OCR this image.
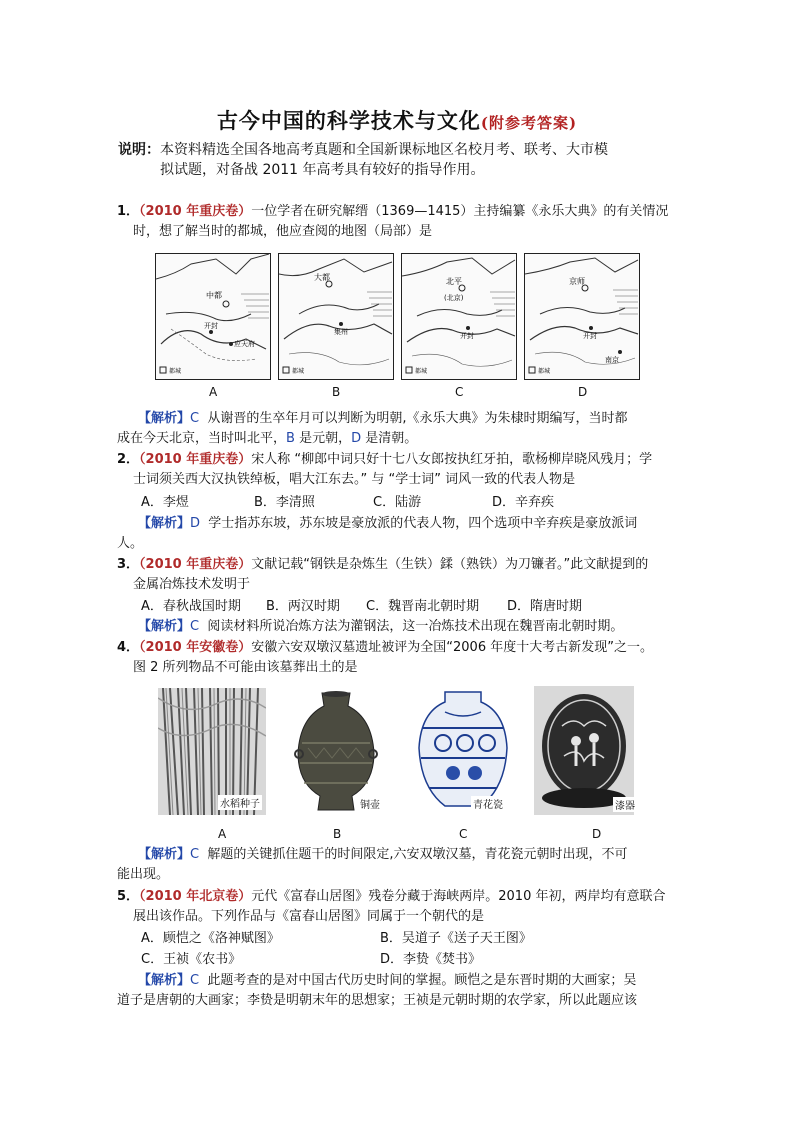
古今中国的科学技术与文化(附参考答案)
说明：本资料精选全国各地高考真题和全国新课标地区名校月考、联考、大市模
拟试题，对备战 2011 年高考具有较好的指导作用。
1．（2010 年重庆卷）一位学者在研究解缙（1369—1415）主持编纂《永乐大典》的有关情况
时，想了解当时的都城，他应查阅的地图（局部）是
中都
开封
应天府
都城
A
大都
集州
都城
B
北平
(北京)
开封
都城
C
京师
开封
南京
都城
D
【解析】C 从谢晋的生卒年月可以判断为明朝,《永乐大典》为朱棣时期编写，当时都
成在今天北京，当时叫北平，B 是元朝，D 是清朝。
2．（2010 年重庆卷）宋人称 “柳郎中词只好十七八女郎按执红牙拍，歌杨柳岸晓风残月；学
士词须关西大汉执铁绰板，唱大江东去。” 与 “学士词” 词风一致的代表人物是
A．李煜	B．李清照	C．陆游	D．辛弃疾
【解析】D 学士指苏东坡，苏东坡是豪放派的代表人物，四个选项中辛弃疾是豪放派词
人。
3．（2010 年重庆卷）文献记载“钢铁是杂炼生（生铁）鍒（熟铁）为刀镰者。”此文献提到的
金属冶炼技术发明于
A．春秋战国时期 B．两汉时期 C．魏晋南北朝时期 D．隋唐时期
【解析】C 阅读材料所说冶炼方法为灌钢法，这一冶炼技术出现在魏晋南北朝时期。
4．（2010 年安徽卷）安徽六安双墩汉墓遗址被评为全国“2006 年度十大考古新发现”之一。
图 2 所列物品不可能由该墓葬出土的是
水稻种子
A
铜壶
B
青花瓷
C
漆器
D
【解析】C 解题的关键抓住题干的时间限定,六安双墩汉墓，青花瓷元朝时出现，不可
能出现。
5．（2010 年北京卷）元代《富春山居图》残卷分藏于海峡两岸。2010 年初，两岸均有意联合
展出该作品。下列作品与《富春山居图》同属于一个朝代的是
A．顾恺之《洛神赋图》	B．吴道子《送子天王图》
C．王祯《农书》	D．李贽《焚书》
【解析】C 此题考查的是对中国古代历史时间的掌握。顾恺之是东晋时期的大画家；吴
道子是唐朝的大画家；李贽是明朝末年的思想家；王祯是元朝时期的农学家，所以此题应该
